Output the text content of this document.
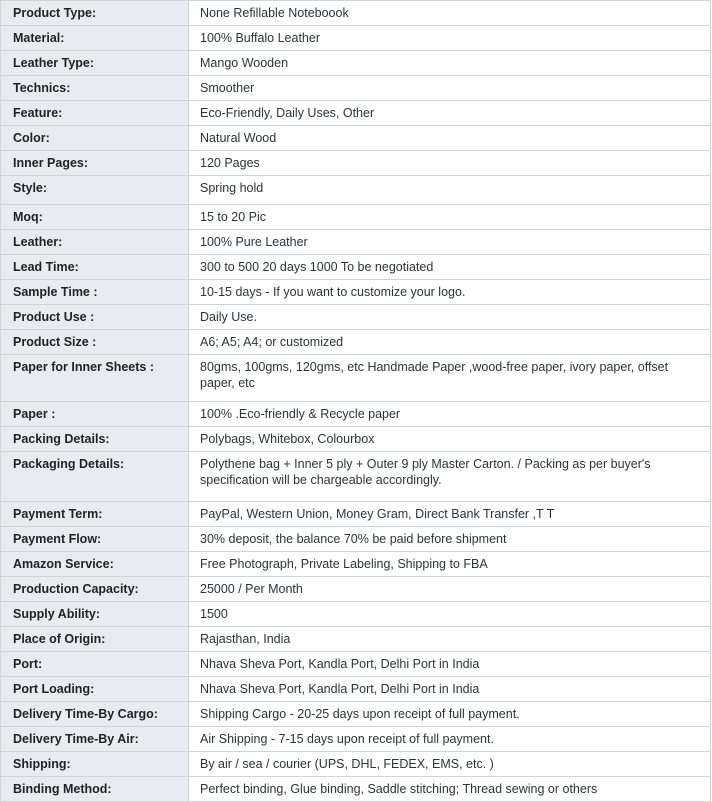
Product Type:	None Refillable Noteboook
Material:	100% Buffalo Leather
Leather Type:	Mango Wooden
Technics:	Smoother
Feature:	Eco-Friendly, Daily Uses, Other
Color:	Natural Wood
Inner Pages:	120 Pages
Style:	Spring hold
Moq:	15 to 20 Pic
Leather:	100% Pure Leather
Lead Time:	300 to 500 20 days 1000 To be negotiated
Sample Time :	10-15 days - If you want to customize your logo.
Product Use :	Daily Use.
Product Size :	A6; A5; A4; or customized
Paper for Inner Sheets :	80gms, 100gms, 120gms, etc Handmade Paper ,wood-free paper, ivory paper, offset paper, etc
Paper :	100% .Eco-friendly & Recycle paper
Packing Details:	Polybags, Whitebox, Colourbox
Packaging Details:	Polythene bag + Inner 5 ply + Outer 9 ply Master Carton. / Packing as per buyer's specification will be chargeable accordingly.
Payment Term:	PayPal, Western Union, Money Gram, Direct Bank Transfer ,T T
Payment Flow:	30% deposit, the balance 70% be paid before shipment
Amazon Service:	Free Photograph, Private Labeling, Shipping to FBA
Production Capacity:	25000 / Per Month
Supply Ability:	1500
Place of Origin:	Rajasthan, India
Port:	Nhava Sheva Port, Kandla Port, Delhi Port in India
Port Loading:	Nhava Sheva Port, Kandla Port, Delhi Port in India
Delivery Time-By Cargo:	Shipping Cargo - 20-25 days upon receipt of full payment.
Delivery Time-By Air:	Air Shipping - 7-15 days upon receipt of full payment.
Shipping:	By air / sea / courier (UPS, DHL, FEDEX, EMS, etc. )
Binding Method:	Perfect binding, Glue binding, Saddle stitching; Thread sewing or others
